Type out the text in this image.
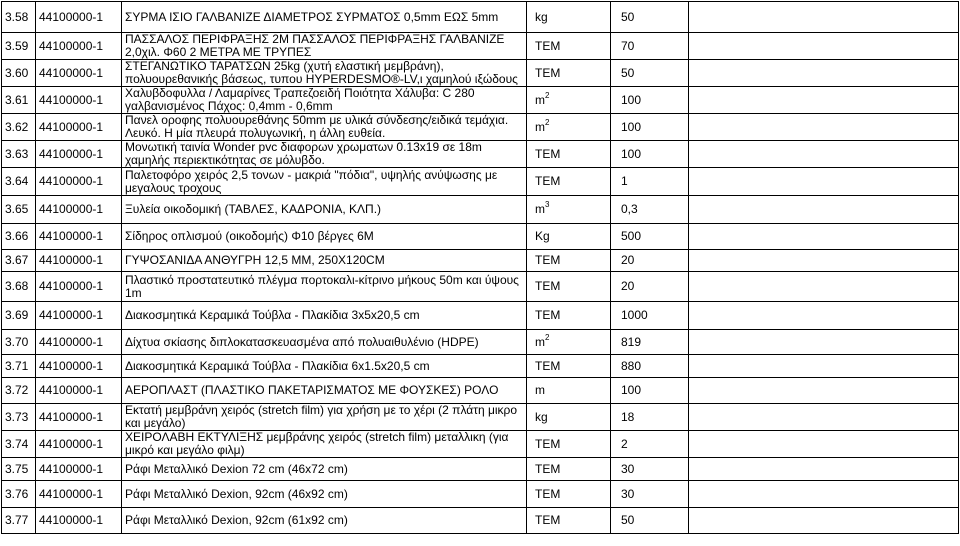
3.58	44100000-1	ΣΥΡΜΑ ΙΣΙΟ ΓΑΛΒΑΝΙΖΕ ΔΙΑΜΕΤΡΟΣ ΣΥΡΜΑΤΟΣ 0,5mm ΕΩΣ 5mm	kg	50	
3.59	44100000-1	ΠΑΣΣΑΛΟΣ ΠΕΡΙΦΡΑΞΗΣ 2Μ ΠΑΣΣΑΛΟΣ ΠΕΡΙΦΡΑΞΗΣ ΓΑΛΒΑΝΙΖΕ 2,0χιλ. Φ60 2 ΜΕΤΡΑ ΜΕ ΤΡΥΠΕΣ	ΤΕΜ	70	
3.60	44100000-1	ΣΤΕΓΑΝΩΤΙΚΟ ΤΑΡΑΤΣΩΝ 25kg (χυτή ελαστική μεμβράνη), πολυουρεθανικής βάσεως, τυπου HYPERDESMO®-LV,ι χαμηλού ιξώδους	ΤΕΜ	50	
3.61	44100000-1	Χαλυβδοφυλλα / Λαμαρίνες Τραπεζοειδή Ποιότητα Χάλυβα: C 280 γαλβανισμένος Πάχος: 0,4mm - 0,6mm	$m^2$	100	
3.62	44100000-1	Πανελ οροφης πολυουρεθάνης 50mm με υλικά σύνδεσης/ειδικά τεμάχια. Λευκό. Η μία πλευρά πολυγωνική, η άλλη ευθεία.	$m^2$	100	
3.63	44100000-1	Μονωτική ταινία Wonder pvc διαφορων χρωματων 0.13x19 σε 18m χαμηλής περιεκτικότητας σε μόλυβδο.	ΤΕΜ	100	
3.64	44100000-1	Παλετοφόρο χειρός 2,5 τονων - μακριά "πόδια", υψηλής ανύψωσης με μεγαλους τροχους	ΤΕΜ	1	
3.65	44100000-1	Ξυλεία οικοδομική (ΤΑΒΛΕΣ, ΚΑΔΡΟΝΙΑ, ΚΛΠ.)	$m^3$	0,3	
3.66	44100000-1	Σίδηρος οπλισμού (οικοδομής) Φ10 βέργες 6Μ	Kg	500	
3.67	44100000-1	ΓΥΨΟΣΑΝΙΔΑ ΑΝΘΥΓΡΗ 12,5 ΜΜ, 250Χ120CM	ΤΕΜ	20	
3.68	44100000-1	Πλαστικό προστατευτικό πλέγμα πορτοκαλι-κίτρινο μήκους 50m και ύψους 1m	ΤΕΜ	20	
3.69	44100000-1	Διακοσμητικά Κεραμικά Τούβλα - Πλακίδια 3x5x20,5 cm	ΤΕΜ	1000	
3.70	44100000-1	Δίχτυα σκίασης διπλοκατασκευασμένα από πολυαιθυλένιο (HDPE)	$m^2$	819	
3.71	44100000-1	Διακοσμητικά Κεραμικά Τούβλα - Πλακίδια 6x1.5x20,5 cm	ΤΕΜ	880	
3.72	44100000-1	ΑΕΡΟΠΛΑΣΤ (ΠΛΑΣΤΙΚΟ ΠΑΚΕΤΑΡΙΣΜΑΤΟΣ ΜΕ ΦΟΥΣΚΕΣ) ΡΟΛΟ	m	100	
3.73	44100000-1	Εκτατή μεμβράνη χειρός (stretch film) για χρήση με το χέρι (2 πλάτη μικρο και μεγάλο)	kg	18	
3.74	44100000-1	ΧΕΙΡΟΛΑΒΗ ΕΚΤΥΛΙΞΗΣ μεμβράνης χειρός (stretch film) μεταλλικη (για μικρό και μεγάλο φιλμ)	ΤΕΜ	2	
3.75	44100000-1	Ράφι Μεταλλικό Dexion 72 cm (46x72 cm)	ΤΕΜ	30	
3.76	44100000-1	Ράφι Μεταλλικό Dexion, 92cm (46x92 cm)	ΤΕΜ	30	
3.77	44100000-1	Ράφι Μεταλλικό Dexion, 92cm (61x92 cm)	ΤΕΜ	50	
